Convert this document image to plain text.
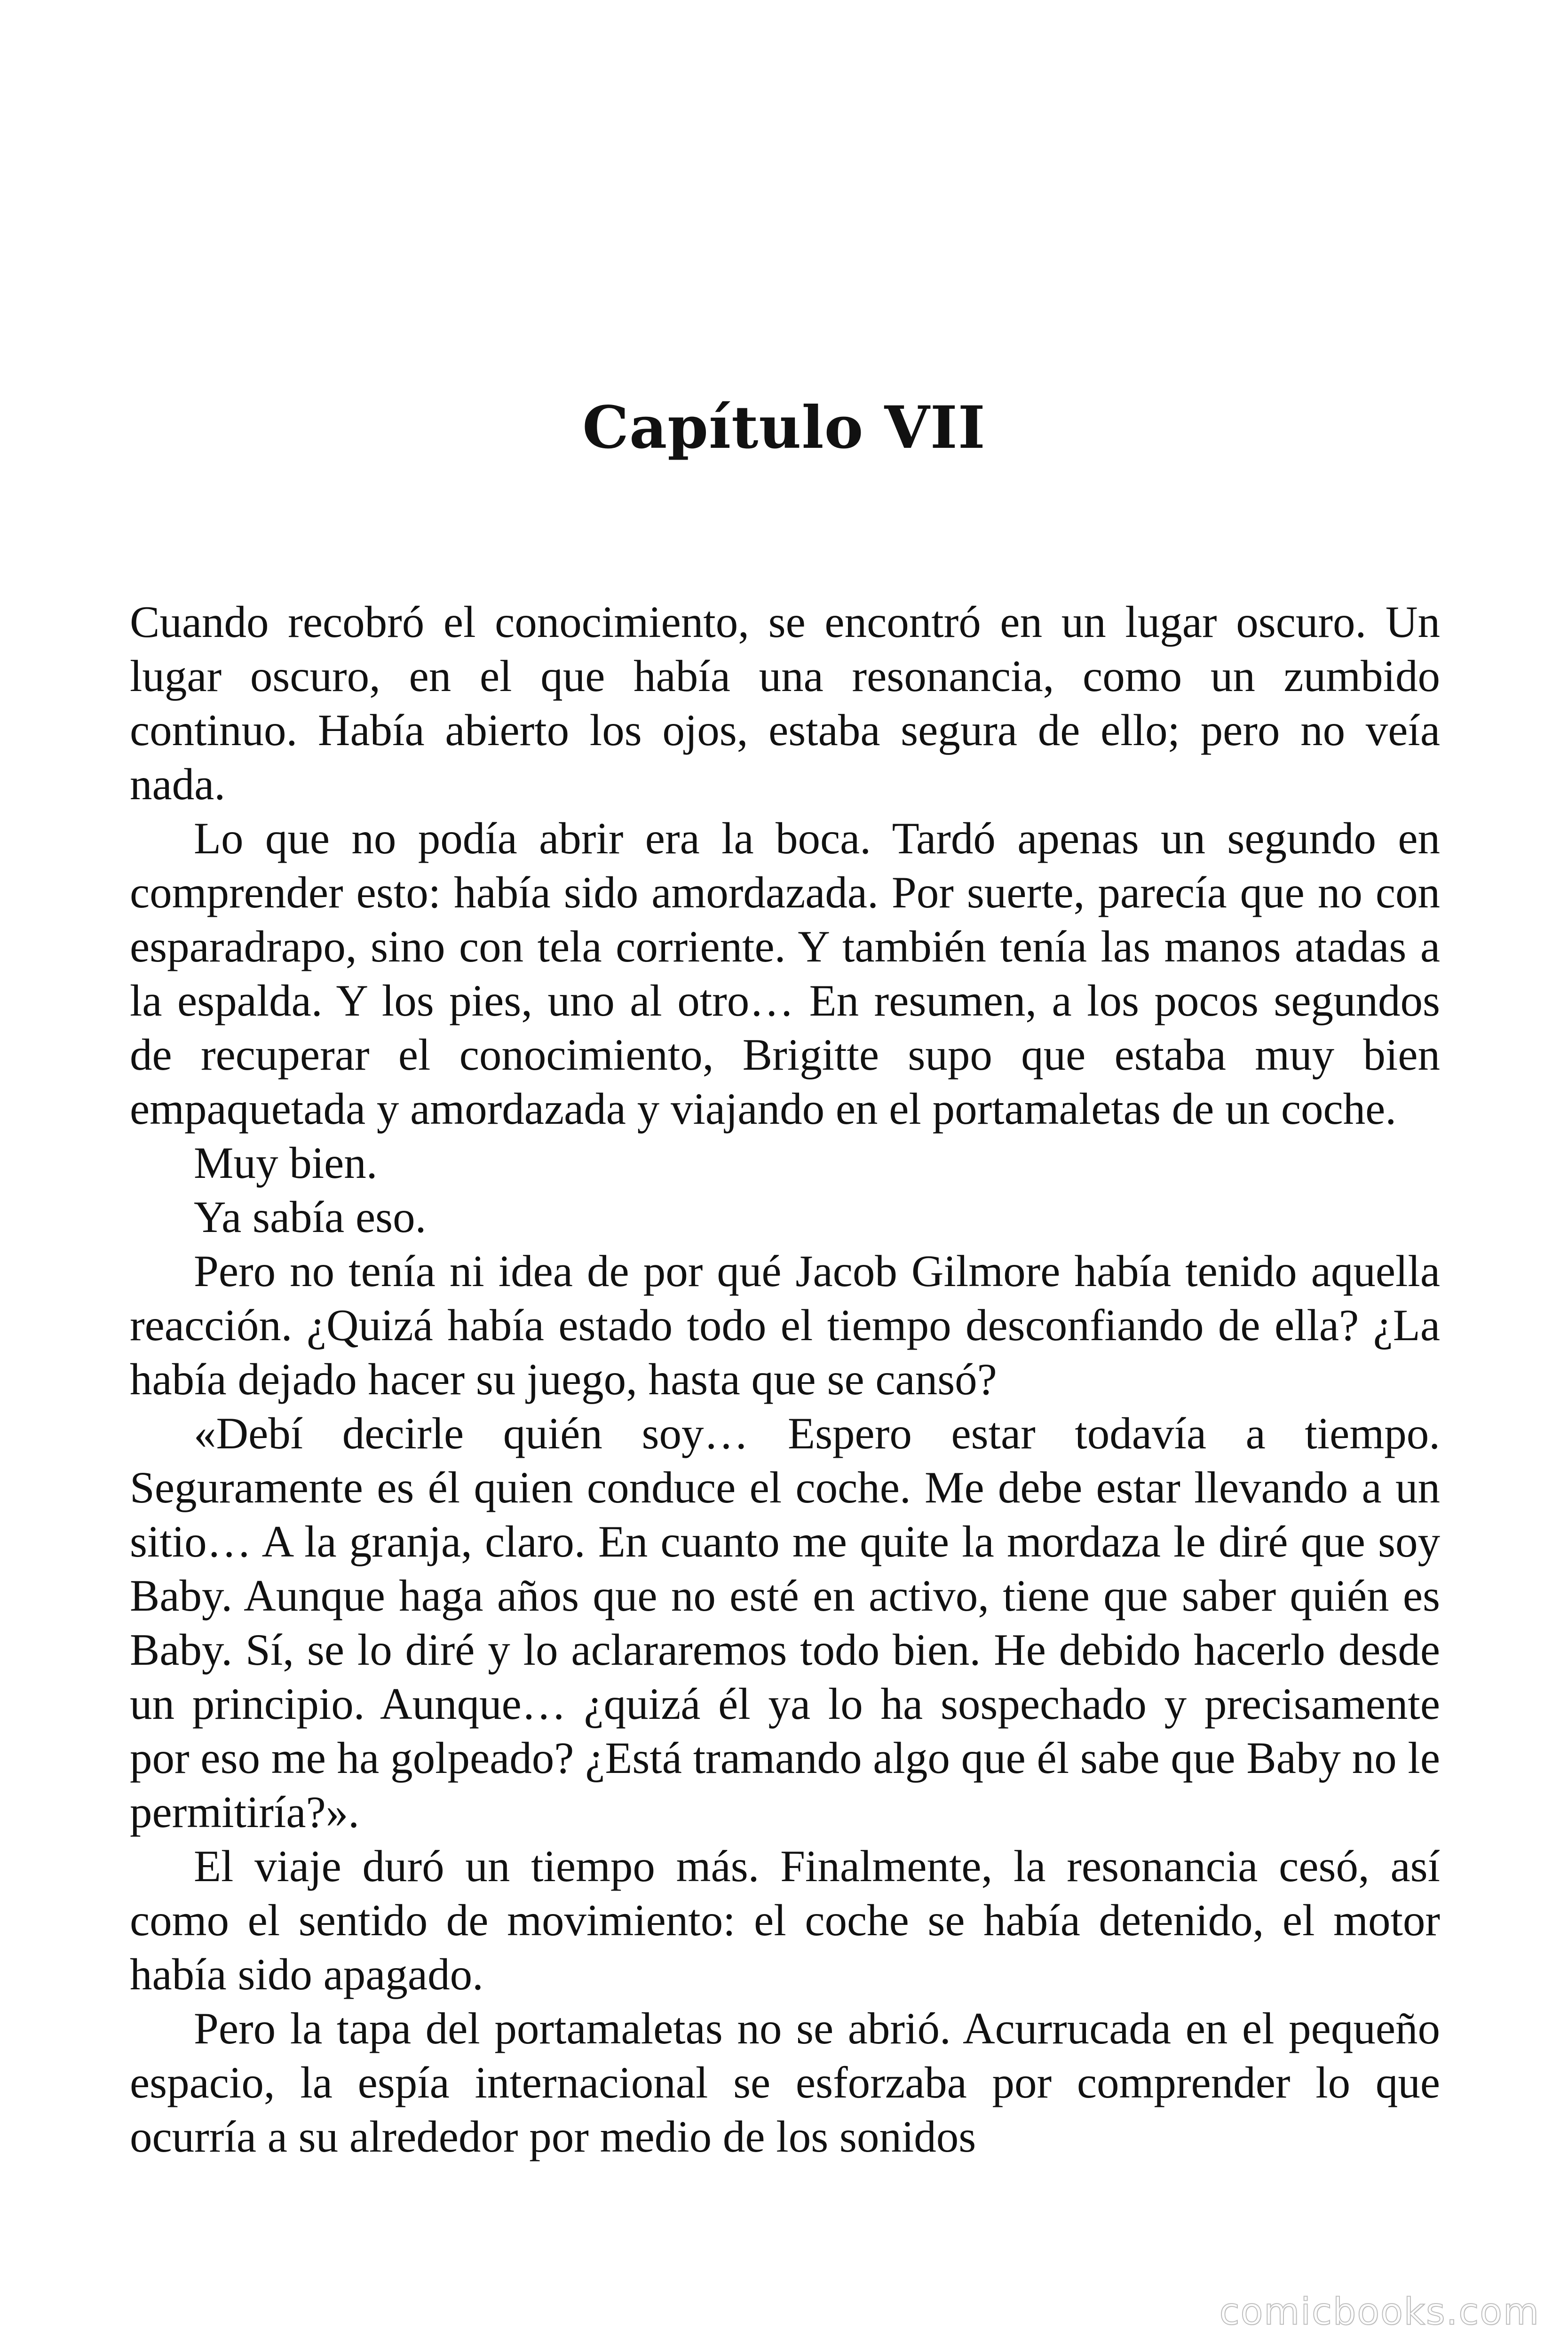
Capítulo VII

Cuando recobró el conocimiento, se encontró en un lugar oscuro. Un lugar oscuro, en el que había una resonancia, como un zumbido continuo. Había abierto los ojos, estaba segura de ello; pero no veía nada.

Lo que no podía abrir era la boca. Tardó apenas un segundo en comprender esto: había sido amordazada. Por suerte, parecía que no con esparadrapo, sino con tela corriente. Y también tenía las manos atadas a la espalda. Y los pies, uno al otro… En resumen, a los pocos segundos de recuperar el conocimiento, Brigitte supo que estaba muy bien empaquetada y amordazada y viajando en el portamaletas de un coche.

Muy bien.

Ya sabía eso.

Pero no tenía ni idea de por qué Jacob Gilmore había tenido aquella reacción. ¿Quizá había estado todo el tiempo desconfiando de ella? ¿La había dejado hacer su juego, hasta que se cansó?

«Debí decirle quién soy… Espero estar todavía a tiempo. Seguramente es él quien conduce el coche. Me debe estar llevando a un sitio… A la granja, claro. En cuanto me quite la mordaza le diré que soy Baby. Aunque haga años que no esté en activo, tiene que saber quién es Baby. Sí, se lo diré y lo aclararemos todo bien. He debido hacerlo desde un principio. Aunque… ¿quizá él ya lo ha sospechado y precisamente por eso me ha golpeado? ¿Está tramando algo que él sabe que Baby no le permitiría?».

El viaje duró un tiempo más. Finalmente, la resonancia cesó, así como el sentido de movimiento: el coche se había detenido, el motor había sido apagado.

Pero la tapa del portamaletas no se abrió. Acurrucada en el pequeño espacio, la espía internacional se esforzaba por comprender lo que ocurría a su alrededor por medio de los sonidos

comicbooks.com
